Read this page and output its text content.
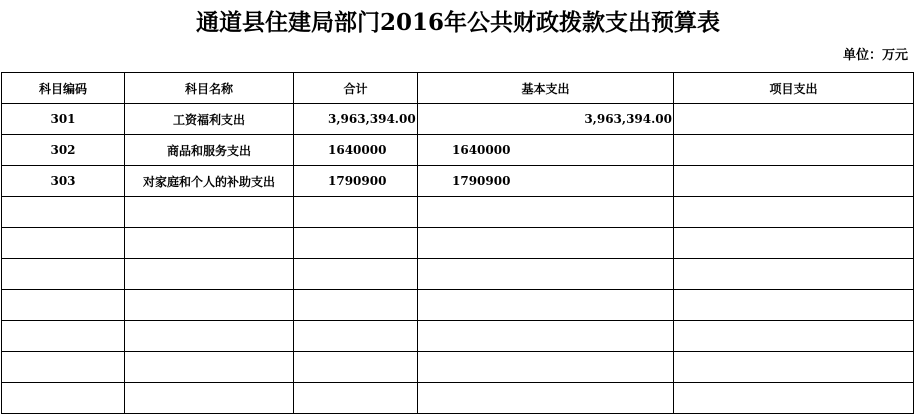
通道县住建局部门2016年公共财政拨款支出预算表
单位：万元
科目编码	科目名称	合计	基本支出	项目支出
301	工资福利支出	3,963,394.00	3,963,394.00	
302	商品和服务支出	1640000	1640000	
303	对家庭和个人的补助支出	1790900	1790900	
